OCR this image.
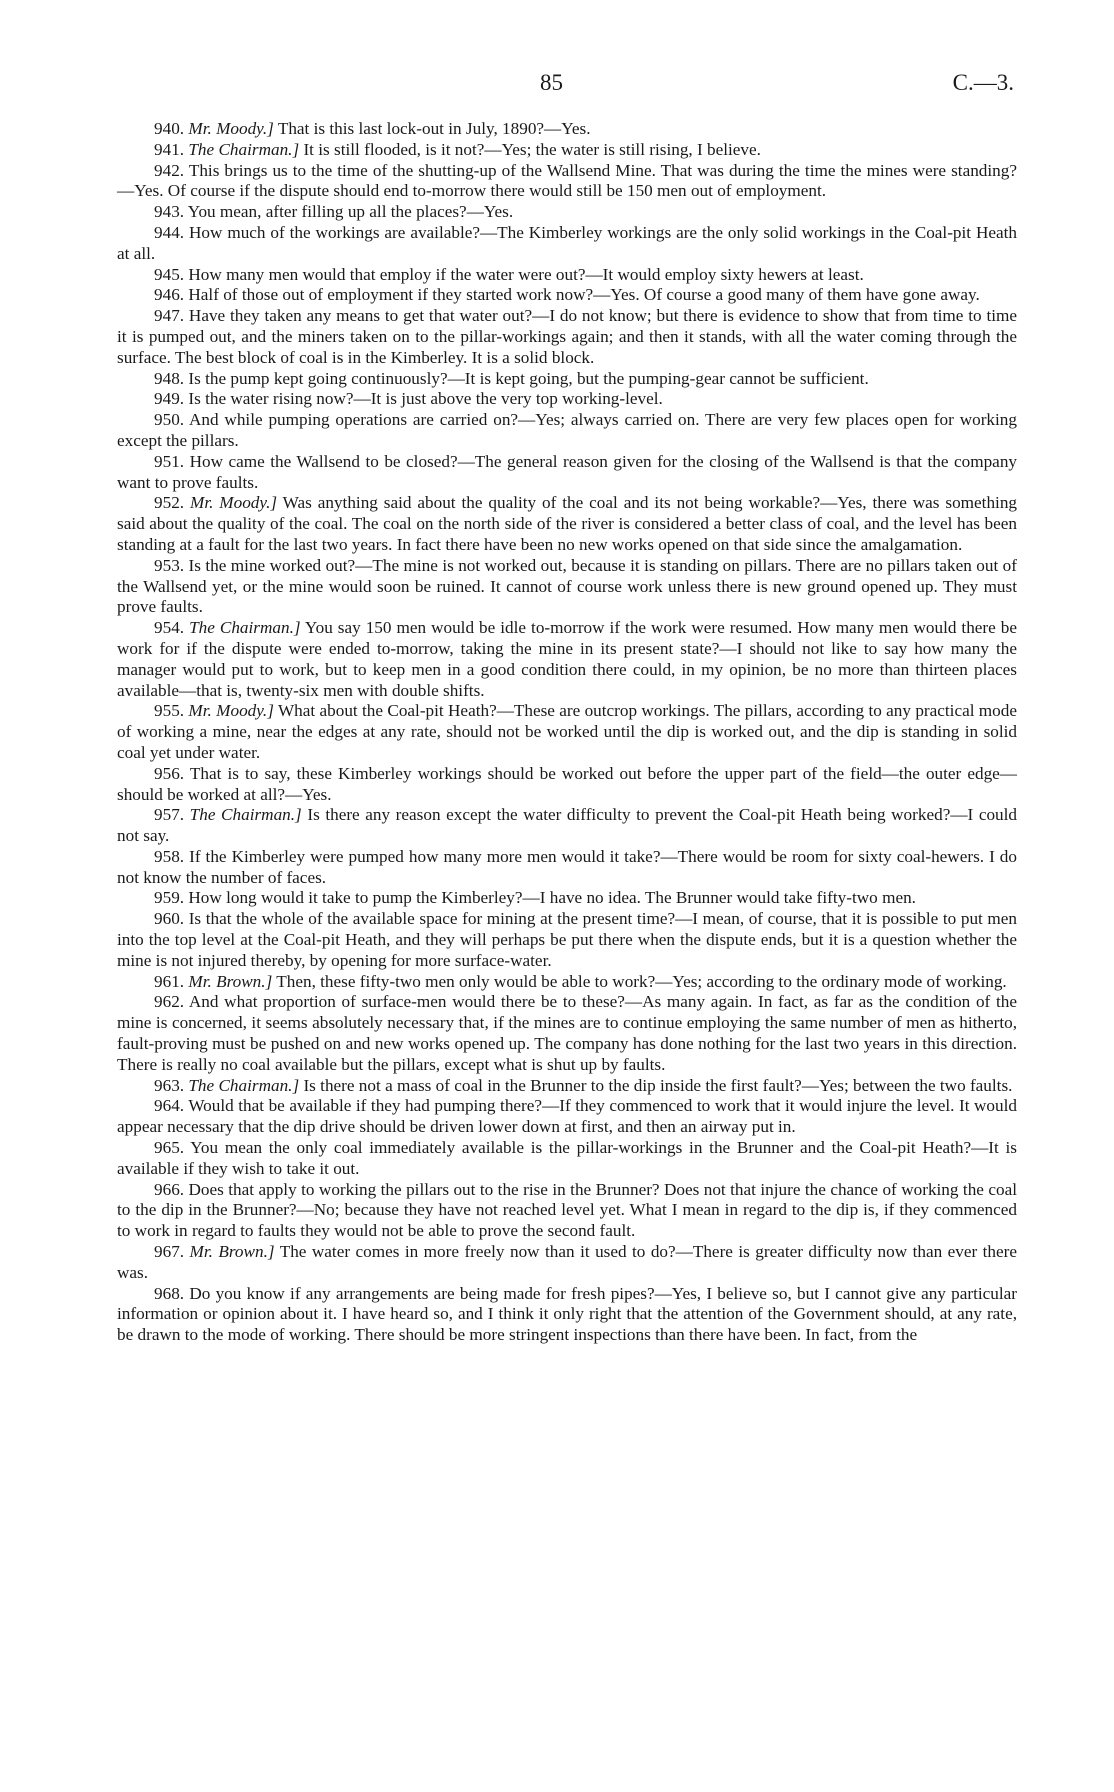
85	C.—3.

940. Mr. Moody.] That is this last lock-out in July, 1890?—Yes.

941. The Chairman.] It is still flooded, is it not?—Yes; the water is still rising, I believe.

942. This brings us to the time of the shutting-up of the Wallsend Mine. That was during the time the mines were standing?—Yes. Of course if the dispute should end to-morrow there would still be 150 men out of employment.

943. You mean, after filling up all the places?—Yes.

944. How much of the workings are available?—The Kimberley workings are the only solid workings in the Coal-pit Heath at all.

945. How many men would that employ if the water were out?—It would employ sixty hewers at least.

946. Half of those out of employment if they started work now?—Yes. Of course a good many of them have gone away.

947. Have they taken any means to get that water out?—I do not know; but there is evidence to show that from time to time it is pumped out, and the miners taken on to the pillar-workings again; and then it stands, with all the water coming through the surface. The best block of coal is in the Kimberley. It is a solid block.

948. Is the pump kept going continuously?—It is kept going, but the pumping-gear cannot be sufficient.

949. Is the water rising now?—It is just above the very top working-level.

950. And while pumping operations are carried on?—Yes; always carried on. There are very few places open for working except the pillars.

951. How came the Wallsend to be closed?—The general reason given for the closing of the Wallsend is that the company want to prove faults.

952. Mr. Moody.] Was anything said about the quality of the coal and its not being workable?—Yes, there was something said about the quality of the coal. The coal on the north side of the river is considered a better class of coal, and the level has been standing at a fault for the last two years. In fact there have been no new works opened on that side since the amalgamation.

953. Is the mine worked out?—The mine is not worked out, because it is standing on pillars. There are no pillars taken out of the Wallsend yet, or the mine would soon be ruined. It cannot of course work unless there is new ground opened up. They must prove faults.

954. The Chairman.] You say 150 men would be idle to-morrow if the work were resumed. How many men would there be work for if the dispute were ended to-morrow, taking the mine in its present state?—I should not like to say how many the manager would put to work, but to keep men in a good condition there could, in my opinion, be no more than thirteen places available—that is, twenty-six men with double shifts.

955. Mr. Moody.] What about the Coal-pit Heath?—These are outcrop workings. The pillars, according to any practical mode of working a mine, near the edges at any rate, should not be worked until the dip is worked out, and the dip is standing in solid coal yet under water.

956. That is to say, these Kimberley workings should be worked out before the upper part of the field—the outer edge—should be worked at all?—Yes.

957. The Chairman.] Is there any reason except the water difficulty to prevent the Coal-pit Heath being worked?—I could not say.

958. If the Kimberley were pumped how many more men would it take?—There would be room for sixty coal-hewers. I do not know the number of faces.

959. How long would it take to pump the Kimberley?—I have no idea. The Brunner would take fifty-two men.

960. Is that the whole of the available space for mining at the present time?—I mean, of course, that it is possible to put men into the top level at the Coal-pit Heath, and they will perhaps be put there when the dispute ends, but it is a question whether the mine is not injured thereby, by opening for more surface-water.

961. Mr. Brown.] Then, these fifty-two men only would be able to work?—Yes; according to the ordinary mode of working.

962. And what proportion of surface-men would there be to these?—As many again. In fact, as far as the condition of the mine is concerned, it seems absolutely necessary that, if the mines are to continue employing the same number of men as hitherto, fault-proving must be pushed on and new works opened up. The company has done nothing for the last two years in this direction. There is really no coal available but the pillars, except what is shut up by faults.

963. The Chairman.] Is there not a mass of coal in the Brunner to the dip inside the first fault?—Yes; between the two faults.

964. Would that be available if they had pumping there?—If they commenced to work that it would injure the level. It would appear necessary that the dip drive should be driven lower down at first, and then an airway put in.

965. You mean the only coal immediately available is the pillar-workings in the Brunner and the Coal-pit Heath?—It is available if they wish to take it out.

966. Does that apply to working the pillars out to the rise in the Brunner? Does not that injure the chance of working the coal to the dip in the Brunner?—No; because they have not reached level yet. What I mean in regard to the dip is, if they commenced to work in regard to faults they would not be able to prove the second fault.

967. Mr. Brown.] The water comes in more freely now than it used to do?—There is greater difficulty now than ever there was.

968. Do you know if any arrangements are being made for fresh pipes?—Yes, I believe so, but I cannot give any particular information or opinion about it. I have heard so, and I think it only right that the attention of the Government should, at any rate, be drawn to the mode of working. There should be more stringent inspections than there have been. In fact, from the
